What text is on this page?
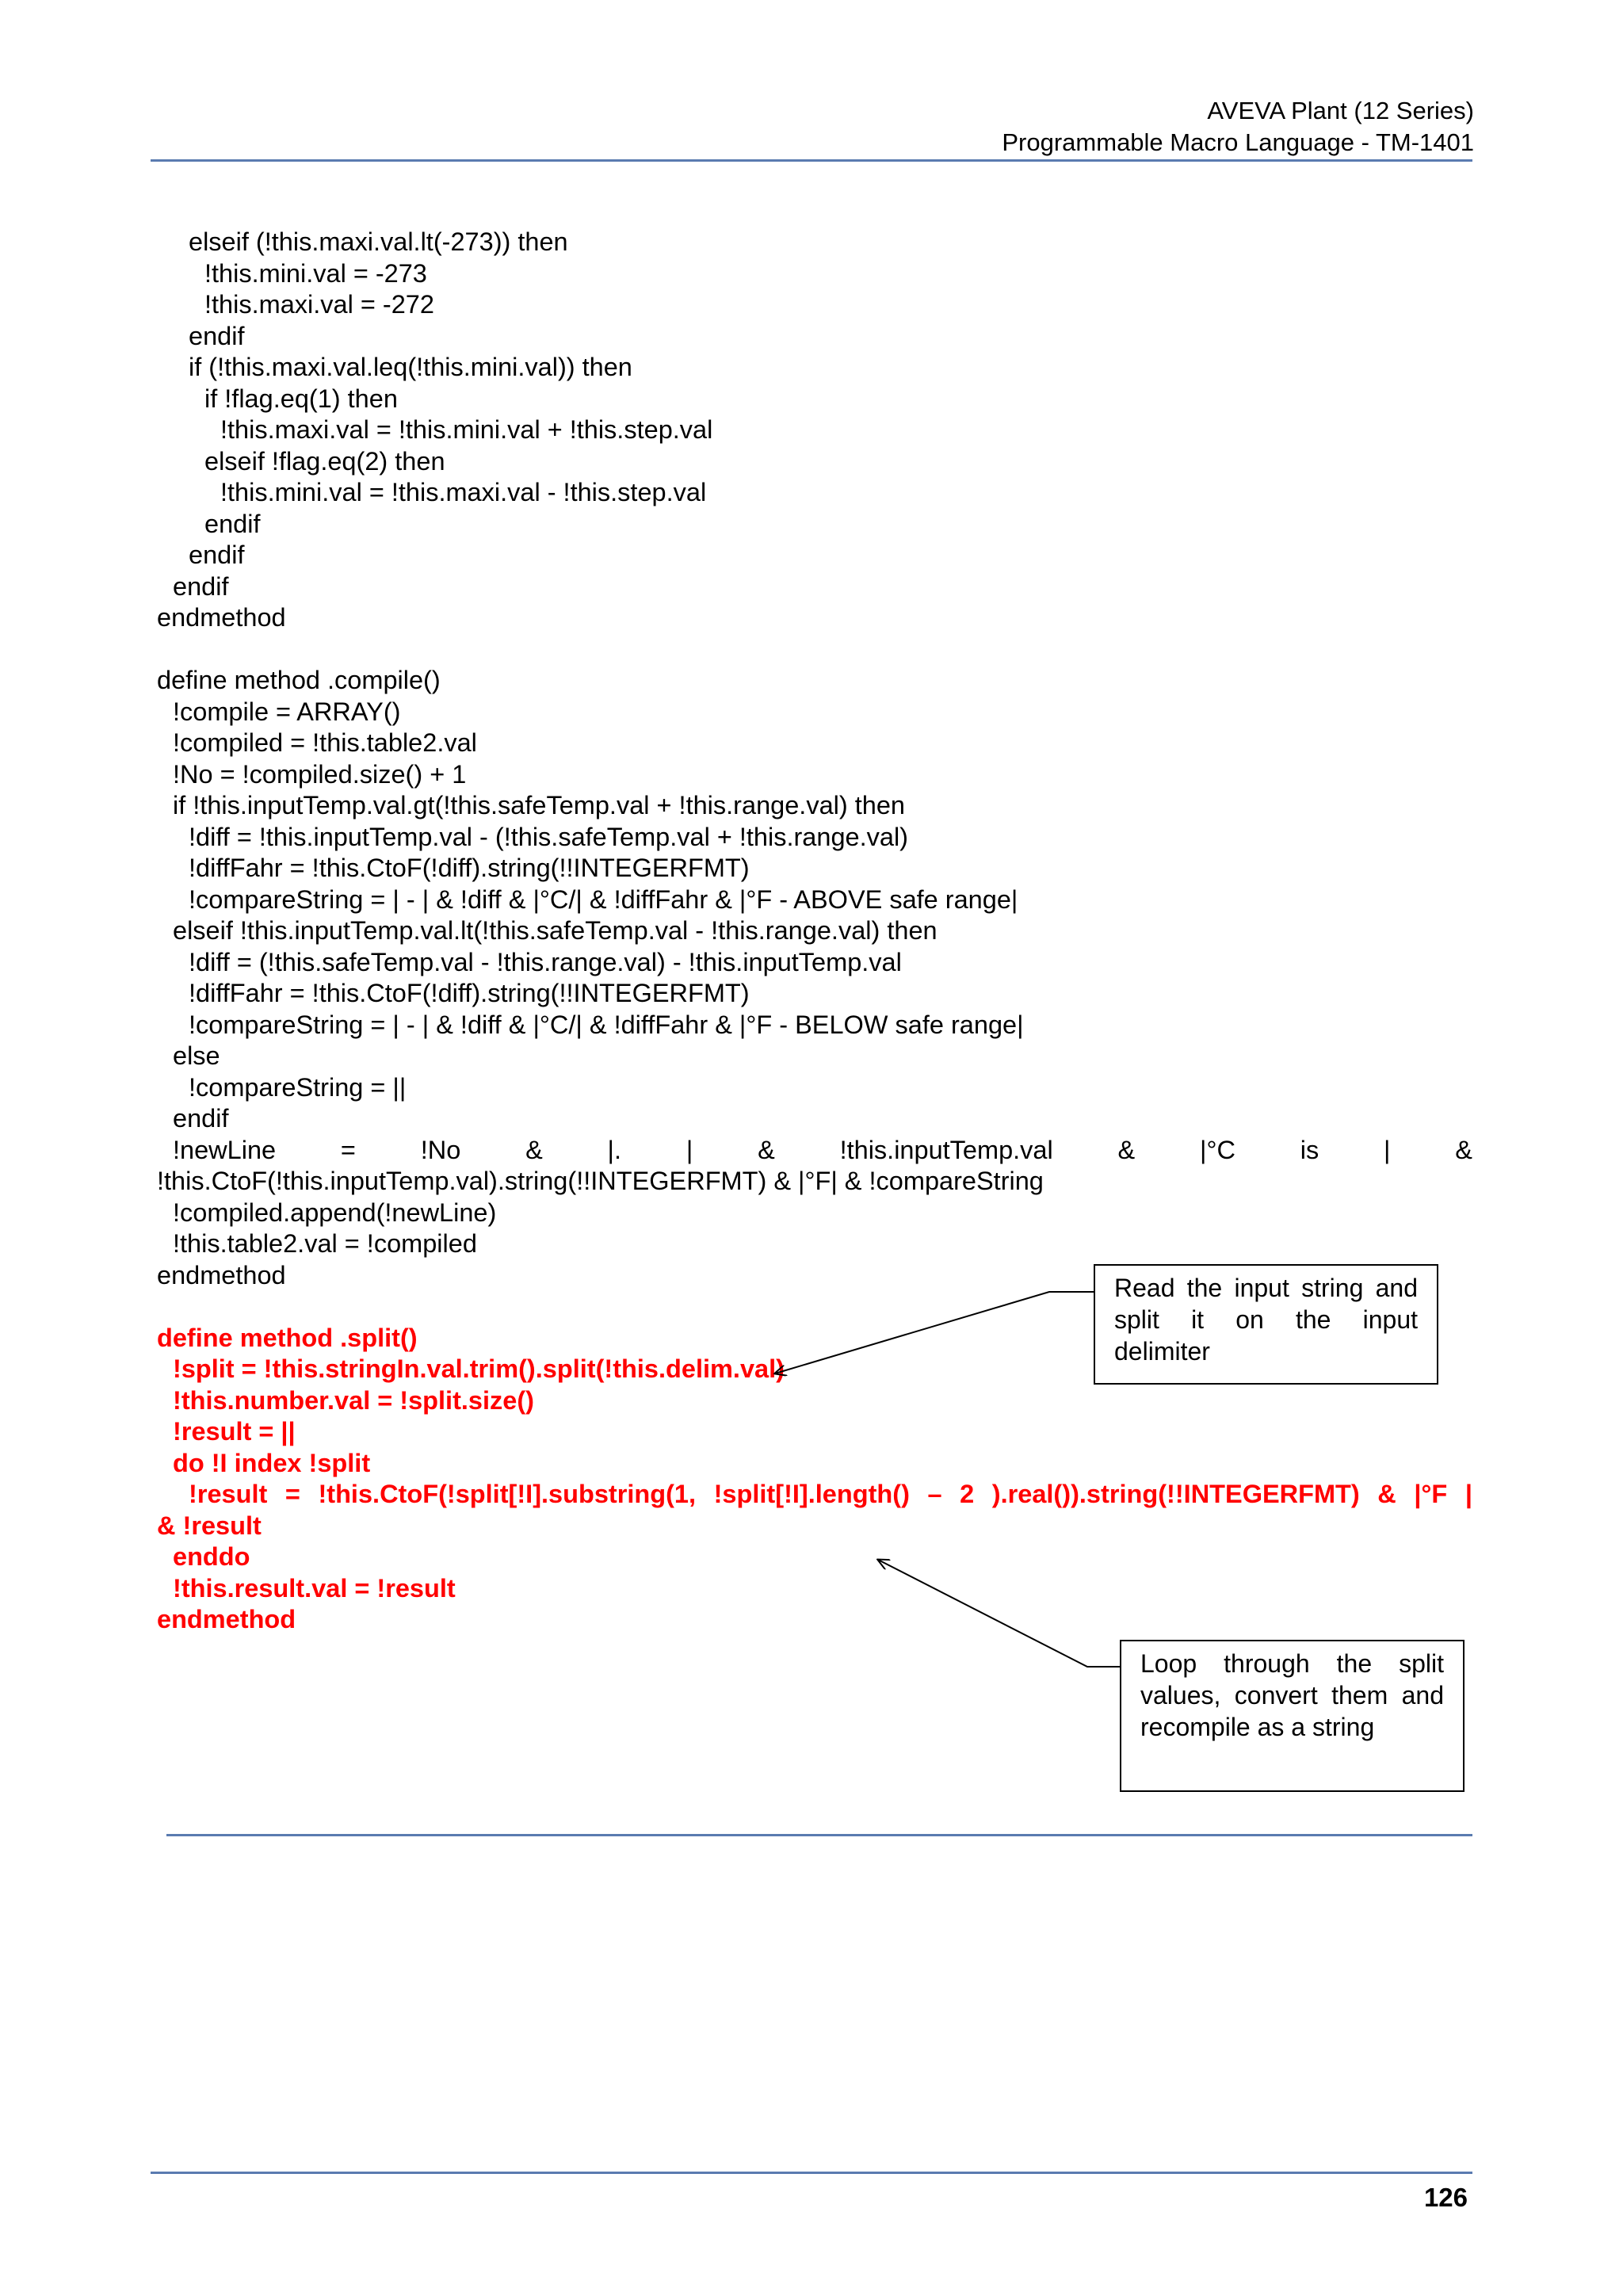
AVEVA Plant (12 Series)
Programmable Macro Language - TM-1401
elseif (!this.maxi.val.lt(-273)) then
!this.mini.val = -273
!this.maxi.val = -272
endif
if (!this.maxi.val.leq(!this.mini.val)) then
if !flag.eq(1) then
!this.maxi.val = !this.mini.val + !this.step.val
elseif !flag.eq(2) then
!this.mini.val = !this.maxi.val - !this.step.val
endif
endif
endif
endmethod
define method .compile()
!compile = ARRAY()
!compiled = !this.table2.val
!No = !compiled.size() + 1
if !this.inputTemp.val.gt(!this.safeTemp.val + !this.range.val) then
!diff = !this.inputTemp.val - (!this.safeTemp.val + !this.range.val)
!diffFahr = !this.CtoF(!diff).string(!!INTEGERFMT)
!compareString = | - | & !diff & |°C/| & !diffFahr & |°F - ABOVE safe range|
elseif !this.inputTemp.val.lt(!this.safeTemp.val - !this.range.val) then
!diff = (!this.safeTemp.val - !this.range.val) - !this.inputTemp.val
!diffFahr = !this.CtoF(!diff).string(!!INTEGERFMT)
!compareString = | - | & !diff & |°C/| & !diffFahr & |°F - BELOW safe range|
else
!compareString = ||
endif
!newLine	=	!No	&	|.	|	&	!this.inputTemp.val	&	|°C	is	|	&
!this.CtoF(!this.inputTemp.val).string(!!INTEGERFMT) & |°F| & !compareString
!compiled.append(!newLine)
!this.table2.val = !compiled
endmethod
define method .split()
!split = !this.stringIn.val.trim().split(!this.delim.val)
!this.number.val = !split.size()
!result = ||
do !I index !split
!result = !this.CtoF(!split[!I].substring(1, !split[!I].length() – 2 ).real()).string(!!INTEGERFMT) & |°F |
& !result
enddo
!this.result.val = !result
endmethod
Read the input string and split it on the input delimiter
Loop through the split values, convert them and recompile as a string
126
